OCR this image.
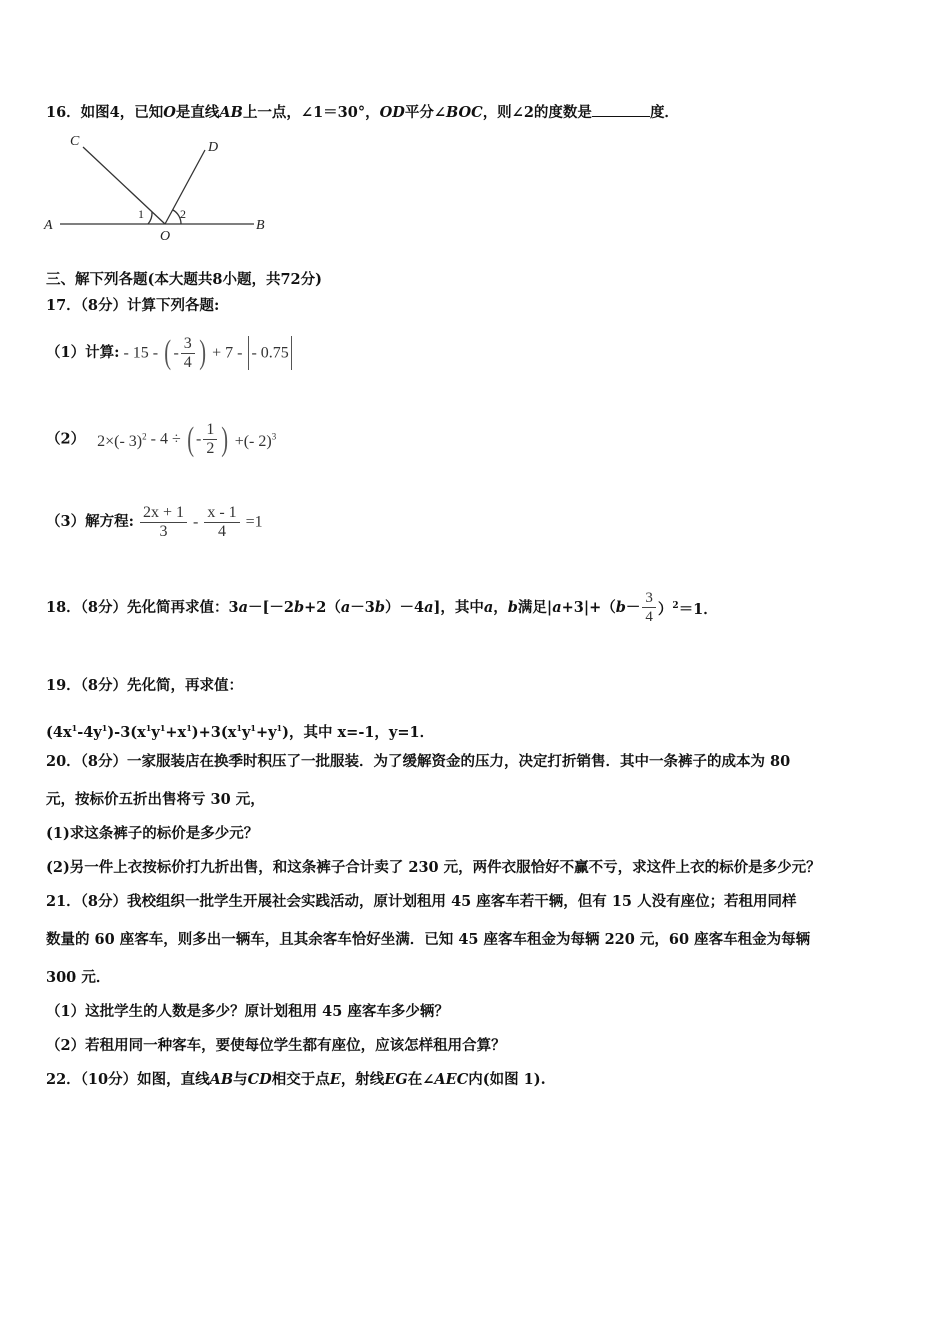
16．如图4，已知O是直线AB上一点，∠1＝30°，OD平分∠BOC，则∠2的度数是	度．
A	B
C	D
O
1	2
三、解下列各题(本大题共8小题，共72分)
17．（8分）计算下列各题:
（1）计算: - 15 - ( - $\frac{3}{4}$ ) + 7 - - 0.75
（2） 2×(- 3)$^2$ - 4 ÷ ( - $\frac{1}{2}$ ) +(- 2)$^3$
（3）解方程: $\frac{2x + 1}{3} - \frac{x - 1}{4} =1$
18．（8分）先化简再求值：3a－[－2b+2（a－3b）－4a]，其中a，b满足$|a+3|+(b- \frac{3}{4} )^2=1$．
19．（8分）先化简，再求值：
$(4x^1-4y^1)-3(x^1y^1+x^1)+3(x^1y^1+y^1)$，其中 x=-1，y=1．
20．（8分）一家服装店在换季时积压了一批服装．为了缓解资金的压力，决定打折销售．其中一条裤子的成本为 80
元，按标价五折出售将亏 30 元，
(1)求这条裤子的标价是多少元？
(2)另一件上衣按标价打九折出售，和这条裤子合计卖了 230 元，两件衣服恰好不赢不亏，求这件上衣的标价是多少元？
21．（8分）我校组织一批学生开展社会实践活动，原计划租用 45 座客车若干辆，但有 15 人没有座位；若租用同样
数量的 60 座客车，则多出一辆车，且其余客车恰好坐满．已知 45 座客车租金为每辆 220 元，60 座客车租金为每辆
300 元．
（1）这批学生的人数是多少？原计划租用 45 座客车多少辆？
（2）若租用同一种客车，要使每位学生都有座位，应该怎样租用合算？
22．（10分）如图，直线AB与CD相交于点E，射线EG在∠AEC内(如图 1).
